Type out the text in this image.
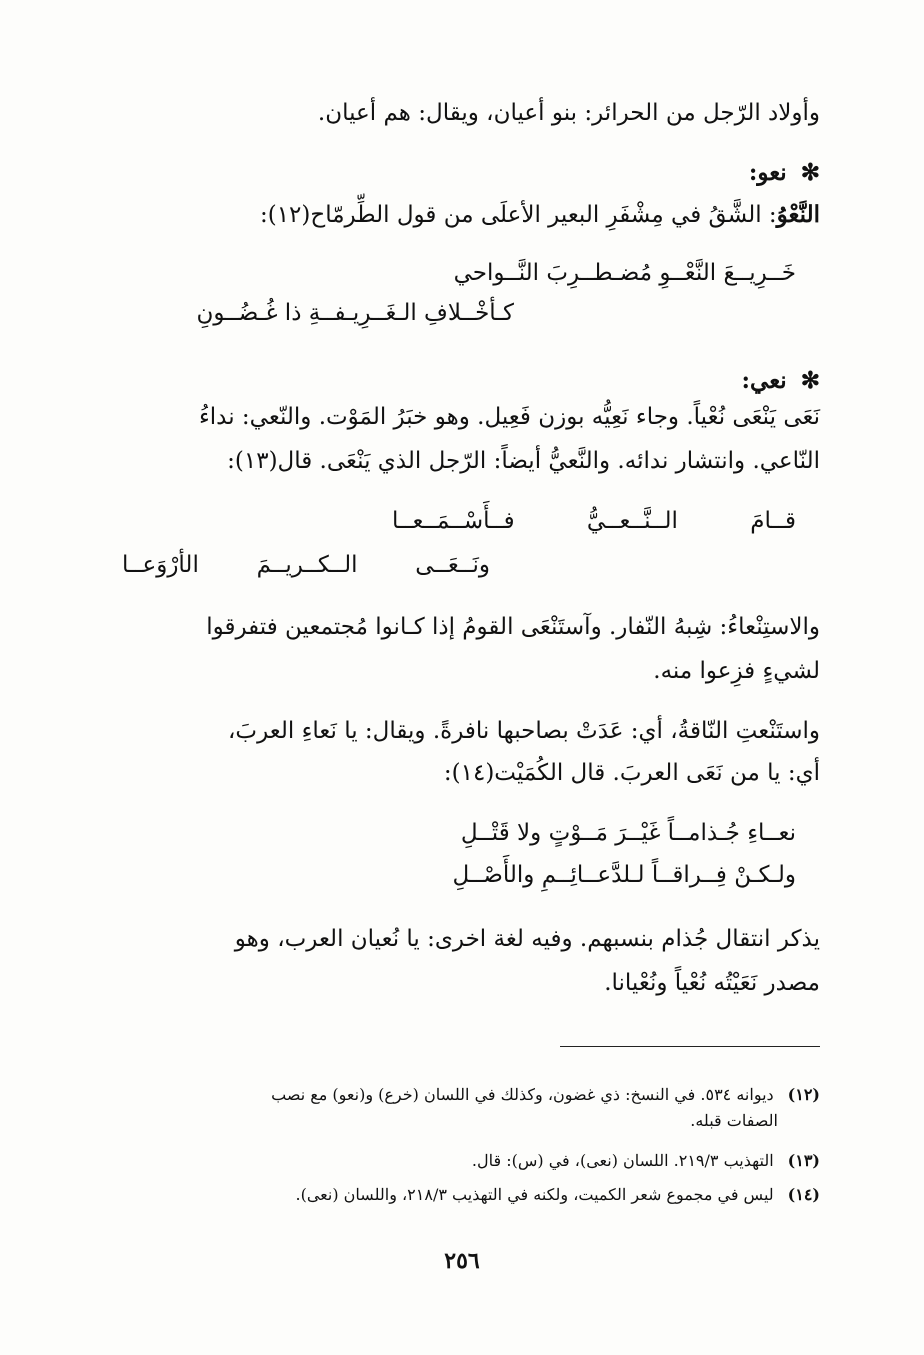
وأولاد الرّجل من الحرائر: بنو أعيان، ويقال: هم أعيان.
✻نعو:
النَّعْوُ: الشَّقُ في مِشْفَرِ البعير الأعلَى من قول الطِّرمّاح(١٢):
خَــرِيــعَ النَّعْــوِ مُضـطــرِبَ النَّــواحي
كـأخْــلافِ الـغَــرِيـفــةِ ذا غُـضُــونِ
✻نعي:
نَعَى يَنْعَى نُعْياً. وجاء نَعِيُّه بوزن فَعِيل. وهو خبَرُ المَوْت. والنّعي: نداءُ
النّاعي. وانتشار ندائه. والنَّعيُّ أيضاً: الرّجل الذي يَنْعَى. قال(١٣):
قــامَ
الــنَّــعــيُّ
فــأَسْــمَــعــا
ونَــعَــى
الــكــريــمَ
الأرْوَعــا
والاستِنْعاءُ: شِبهُ النّفار. وآستَنْعَى القومُ إذا كـانوا مُجتمعين فتفرقوا
لشيءٍ فزِعوا منه.
واستَنْعتِ النّاقةُ، أي: عَدَتْ بصاحبها نافرةً. ويقال: يا نَعاءِ العربَ،
أي: يا من نَعَى العربَ. قال الكُمَيْت(١٤):
نعــاءِ جُـذامــاً غَيْــرَ مَــوْتٍ ولا قَتْــلِ
ولـكـنْ فِــراقــاً لـلدَّعــائِــمِ والأَصْــلِ
يذكر انتقال جُذام بنسبهم. وفيه لغة اخرى: يا نُعيان العرب، وهو
مصدر نَعَيْتُه نُعْياً ونُعْيانا.
(١٢)ديوانه ٥٣٤. في النسخ: ذي غضون، وكذلك في اللسان (خرع) و(نعو) مع نصب
الصفات قبله.
(١٣)التهذيب ٢١٩/٣. اللسان (نعى)، في (س): قال.
(١٤)ليس في مجموع شعر الكميت، ولكنه في التهذيب ٢١٨/٣، واللسان (نعى).
٢٥٦
